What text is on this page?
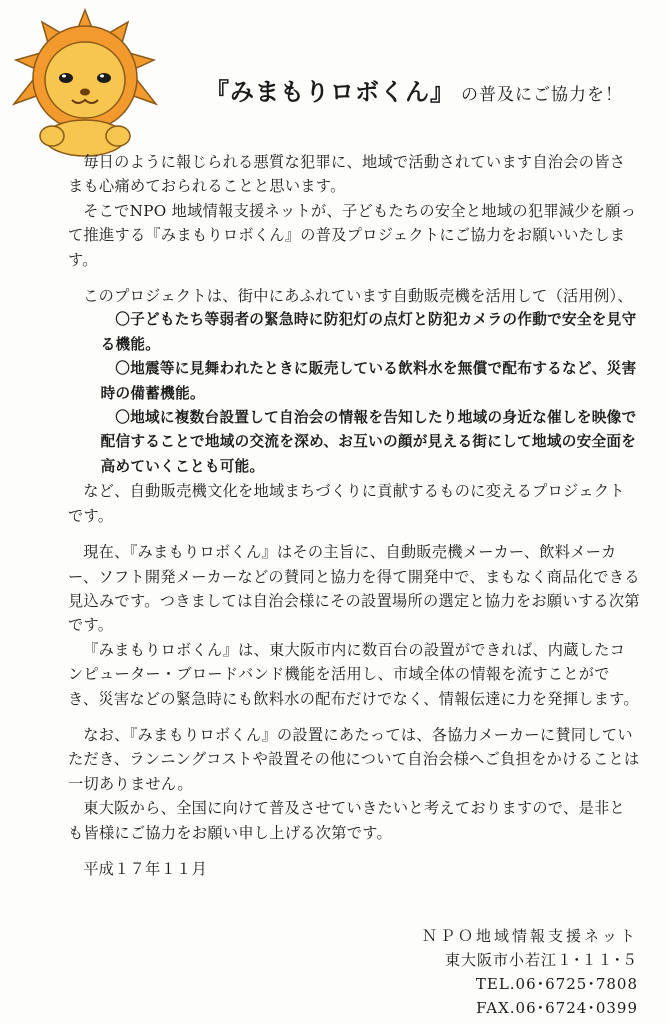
『みまもりロボくん』 の普及にご協力を！

毎日のように報じられる悪質な犯罪に、地域で活動されています自治会の皆さまも心痛めておられることと思います。

そこでNPO 地域情報支援ネットが、子どもたちの安全と地域の犯罪減少を願って推進する『みまもりロボくん』の普及プロジェクトにご協力をお願いいたします。

このプロジェクトは、街中にあふれています自動販売機を活用して（活用例）、

〇子どもたち等弱者の緊急時に防犯灯の点灯と防犯カメラの作動で安全を見守る機能。

〇地震等に見舞われたときに販売している飲料水を無償で配布するなど、災害時の備蓄機能。

〇地域に複数台設置して自治会の情報を告知したり地域の身近な催しを映像で配信することで地域の交流を深め、お互いの顔が見える街にして地域の安全面を高めていくことも可能。

など、自動販売機文化を地域まちづくりに貢献するものに変えるプロジェクトです。

現在、『みまもりロボくん』はその主旨に、自動販売機メーカー、飲料メーカー、ソフト開発メーカーなどの賛同と協力を得て開発中で、まもなく商品化できる見込みです。つきましては自治会様にその設置場所の選定と協力をお願いする次第です。

『みまもりロボくん』は、東大阪市内に数百台の設置ができれば、内蔵したコンピューター・ブロードバンド機能を活用し、市域全体の情報を流すことができ、災害などの緊急時にも飲料水の配布だけでなく、情報伝達に力を発揮します。

なお、『みまもりロボくん』の設置にあたっては、各協力メーカーに賛同していただき、ランニングコストや設置その他について自治会様へご負担をかけることは一切ありません。

東大阪から、全国に向けて普及させていきたいと考えておりますので、是非とも皆様にご協力をお願い申し上げる次第です。

平成１７年１１月

ＮＰＯ地域情報支援ネット
東大阪市小若江１･１１･５
TEL.06･6725･7808
FAX.06･6724･0399
